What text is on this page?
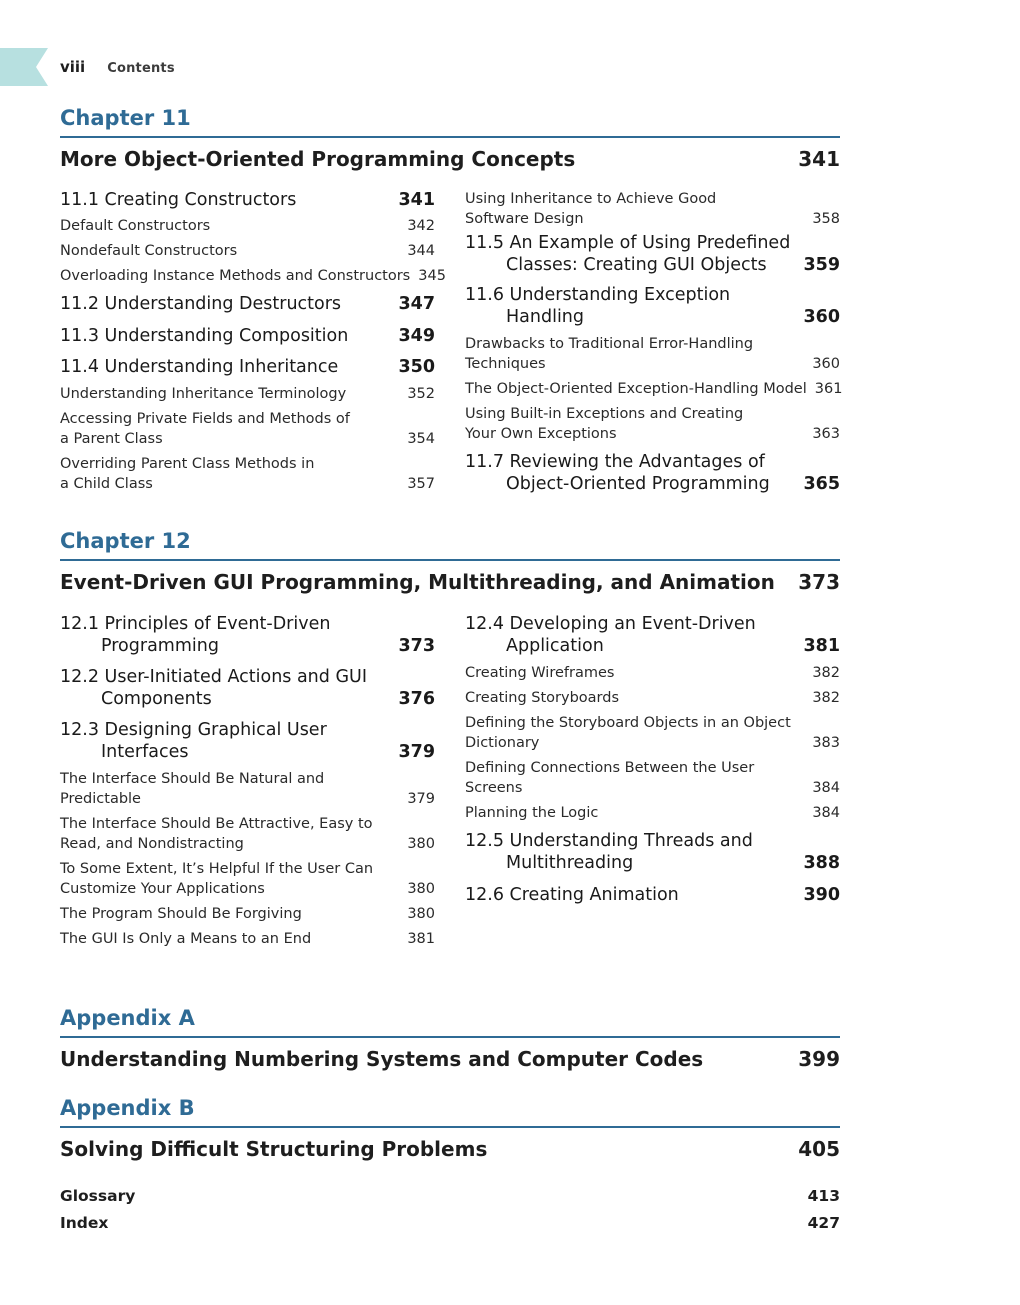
viii Contents
Chapter 11
More Object-Oriented Programming Concepts	341
11.1 Creating Constructors	341
Default Constructors	342
Nondefault Constructors	344
Overloading Instance Methods and Constructors 345
11.2 Understanding Destructors	347
11.3 Understanding Composition	349
11.4 Understanding Inheritance	350
Understanding Inheritance Terminology	352
Accessing Private Fields and Methods of
a Parent Class	354
Overriding Parent Class Methods in
a Child Class	357
Using Inheritance to Achieve Good
Software Design	358
11.5 An Example of Using Predefined
Classes: Creating GUI Objects	359
11.6 Understanding Exception
Handling	360
Drawbacks to Traditional Error-Handling
Techniques	360
The Object-Oriented Exception-Handling Model 361
Using Built-in Exceptions and Creating
Your Own Exceptions	363
11.7 Reviewing the Advantages of
Object-Oriented Programming	365
Chapter 12
Event-Driven GUI Programming, Multithreading, and Animation 373
12.1 Principles of Event-Driven
Programming	373
12.2 User-Initiated Actions and GUI
Components	376
12.3 Designing Graphical User
Interfaces	379
The Interface Should Be Natural and
Predictable	379
The Interface Should Be Attractive, Easy to
Read, and Nondistracting	380
To Some Extent, It’s Helpful If the User Can
Customize Your Applications	380
The Program Should Be Forgiving	380
The GUI Is Only a Means to an End	381
12.4 Developing an Event-Driven
Application	381
Creating Wireframes	382
Creating Storyboards	382
Defining the Storyboard Objects in an Object
Dictionary	383
Defining Connections Between the User
Screens	384
Planning the Logic	384
12.5 Understanding Threads and
Multithreading	388
12.6 Creating Animation	390
Appendix A
Understanding Numbering Systems and Computer Codes	399
Appendix B
Solving Difficult Structuring Problems	405
Glossary	413
Index	427
